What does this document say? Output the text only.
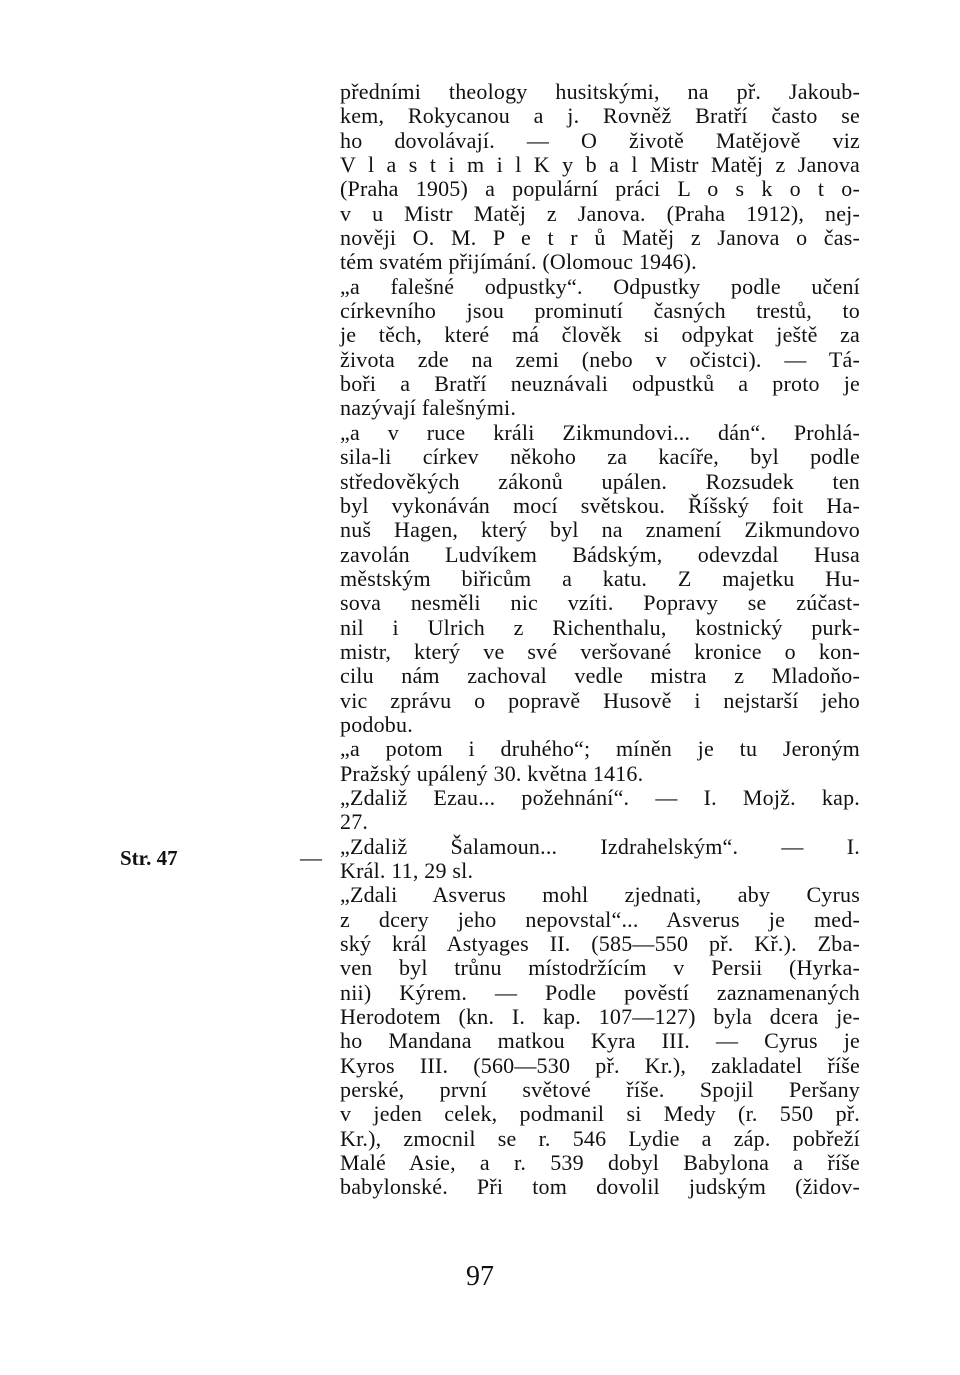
předními theology husitskými, na př. Jakoub-
kem, Rokycanou a j. Rovněž Bratří často se
ho dovolávají. — O životě Matějově viz
V l a s t i m i l K y b a l Mistr Matěj z Janova
(Praha 1905) a populární práci L o s k o t o-
v u Mistr Matěj z Janova. (Praha 1912), nej-
nověji O. M. P e t r ů Matěj z Janova o čas-
tém svatém přijímání. (Olomouc 1946).
„a falešné odpustky“. Odpustky podle učení
církevního jsou prominutí časných trestů, to
je těch, které má člověk si odpykat ještě za
života zde na zemi (nebo v očistci). — Tá-
boři a Bratří neuznávali odpustků a proto je
nazývají falešnými.
„a v ruce králi Zikmundovi... dán“. Prohlá-
sila-li církev někoho za kacíře, byl podle
středověkých zákonů upálen. Rozsudek ten
byl vykonáván mocí světskou. Říšský foit Ha-
nuš Hagen, který byl na znamení Zikmundovo
zavolán Ludvíkem Bádským, odevzdal Husa
městským biřicům a katu. Z majetku Hu-
sova nesměli nic vzíti. Popravy se zúčast-
nil i Ulrich z Richenthalu, kostnický purk-
mistr, který ve své veršované kronice o kon-
cilu nám zachoval vedle mistra z Mladoňo-
vic zprávu o popravě Husově i nejstarší jeho
podobu.
„a potom i druhého“; míněn je tu Jeroným
Pražský upálený 30. května 1416.
„Zdaliž Ezau... požehnání“. — I. Mojž. kap.
27.
„Zdaliž Šalamoun... Izdrahelským“. — I.
Král. 11, 29 sl.
„Zdali Asverus mohl zjednati, aby Cyrus
z dcery jeho nepovstal“... Asverus je med-
ský král Astyages II. (585—550 př. Kř.). Zba-
ven byl trůnu místodržícím v Persii (Hyrka-
nii) Kýrem. — Podle pověstí zaznamenaných
Herodotem (kn. I. kap. 107—127) byla dcera je-
ho Mandana matkou Kyra III. — Cyrus je
Kyros III. (560—530 př. Kr.), zakladatel říše
perské, první světové říše. Spojil Peršany
v jeden celek, podmanil si Medy (r. 550 př.
Kr.), zmocnil se r. 546 Lydie a záp. pobřeží
Malé Asie, a r. 539 dobyl Babylona a říše
babylonské. Při tom dovolil judským (židov-
Str. 47	—
97
